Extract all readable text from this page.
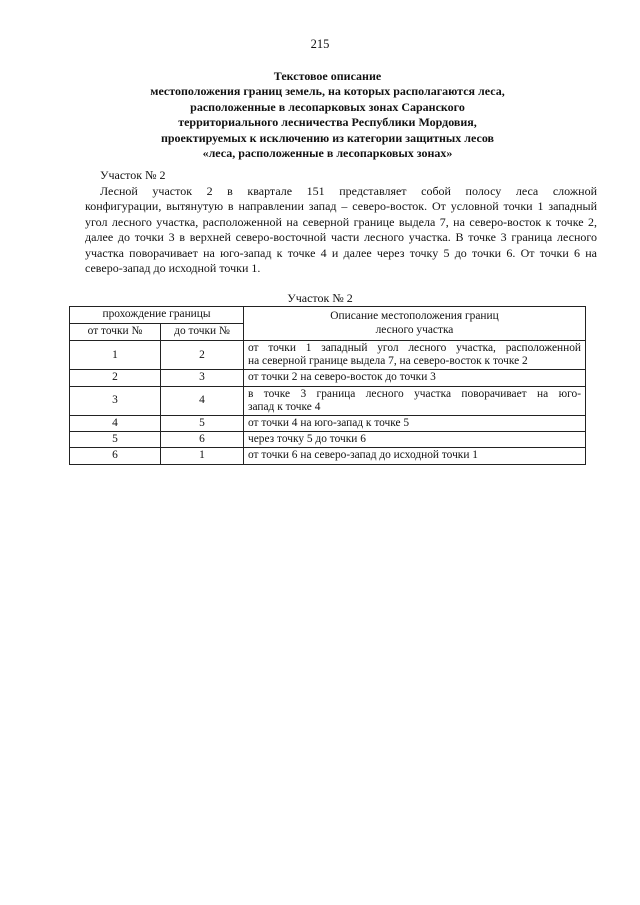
215
Текстовое описание
местоположения границ земель, на которых располагаются леса,
расположенные в лесопарковых зонах Саранского
территориального лесничества Республики Мордовия,
проектируемых к исключению из категории защитных лесов
«леса, расположенные в лесопарковых зонах»
Участок № 2
Лесной участок 2 в квартале 151 представляет собой полосу леса сложной
конфигурации, вытянутую в направлении запад – северо-восток. От условной точки 1 западный
угол лесного участка, расположенной на северной границе выдела 7, на северо-восток к точке 2,
далее до точки 3 в верхней северо-восточной части лесного участка. В точке 3 граница лесного
участка поворачивает на юго-запад к точке 4 и далее через точку 5 до точки 6. От точки 6 на
северо-запад до исходной точки 1.
Участок № 2
прохождение границы		Описание местоположения границ
лесного участка

от точки №	до точки №	
1	2	от точки 1 западный угол лесного участка, расположенной
на северной границе выдела 7, на северо-восток к точке 2

2	3	от точки 2 на северо-восток до точки 3

3	4	в точке 3 граница лесного участка поворачивает на юго-
запад к точке 4

4	5	от точки 4 на юго-запад к точке 5

5	6	через точку 5 до точки 6

6	1	от точки 6 на северо-запад до исходной точки 1
